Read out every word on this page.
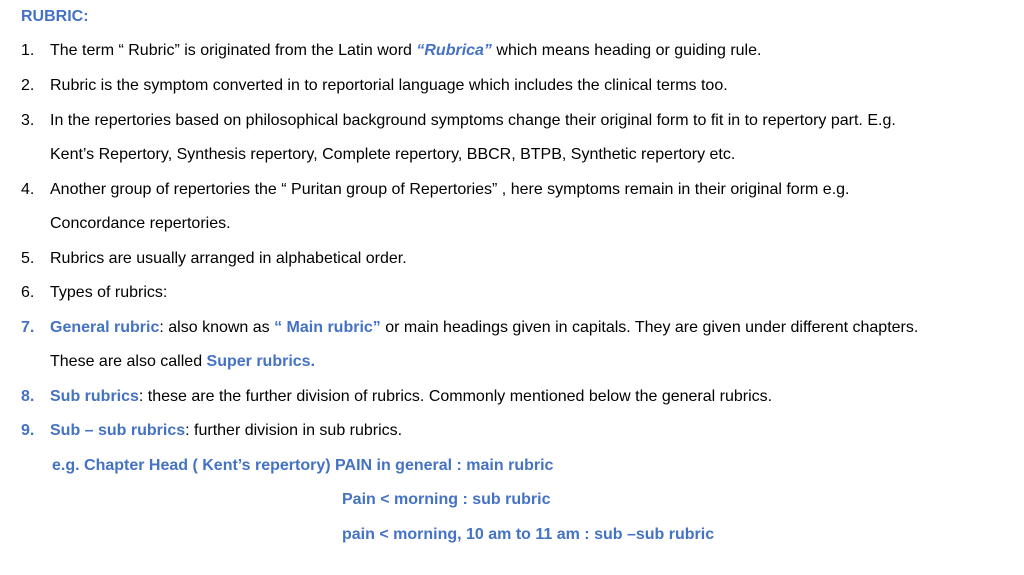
RUBRIC:
1. The term “ Rubric” is originated from the Latin word “Rubrica” which means heading or guiding rule.
2. Rubric is the symptom converted in to reportorial language which includes the clinical terms too.
3. In the repertories based on philosophical background symptoms change their original form to fit in to repertory part. E.g.
Kent’s Repertory, Synthesis repertory, Complete repertory, BBCR, BTPB, Synthetic repertory etc.
4. Another group of repertories the “ Puritan group of Repertories” , here symptoms remain in their original form e.g.
Concordance repertories.
5. Rubrics are usually arranged in alphabetical order.
6. Types of rubrics:
7. General rubric: also known as “ Main rubric” or main headings given in capitals. They are given under different chapters.
These are also called Super rubrics.
8. Sub rubrics: these are the further division of rubrics. Commonly mentioned below the general rubrics.
9. Sub – sub rubrics: further division in sub rubrics.
e.g. Chapter Head ( Kent’s repertory) PAIN in general : main rubric
Pain < morning : sub rubric
pain < morning, 10 am to 11 am : sub –sub rubric
